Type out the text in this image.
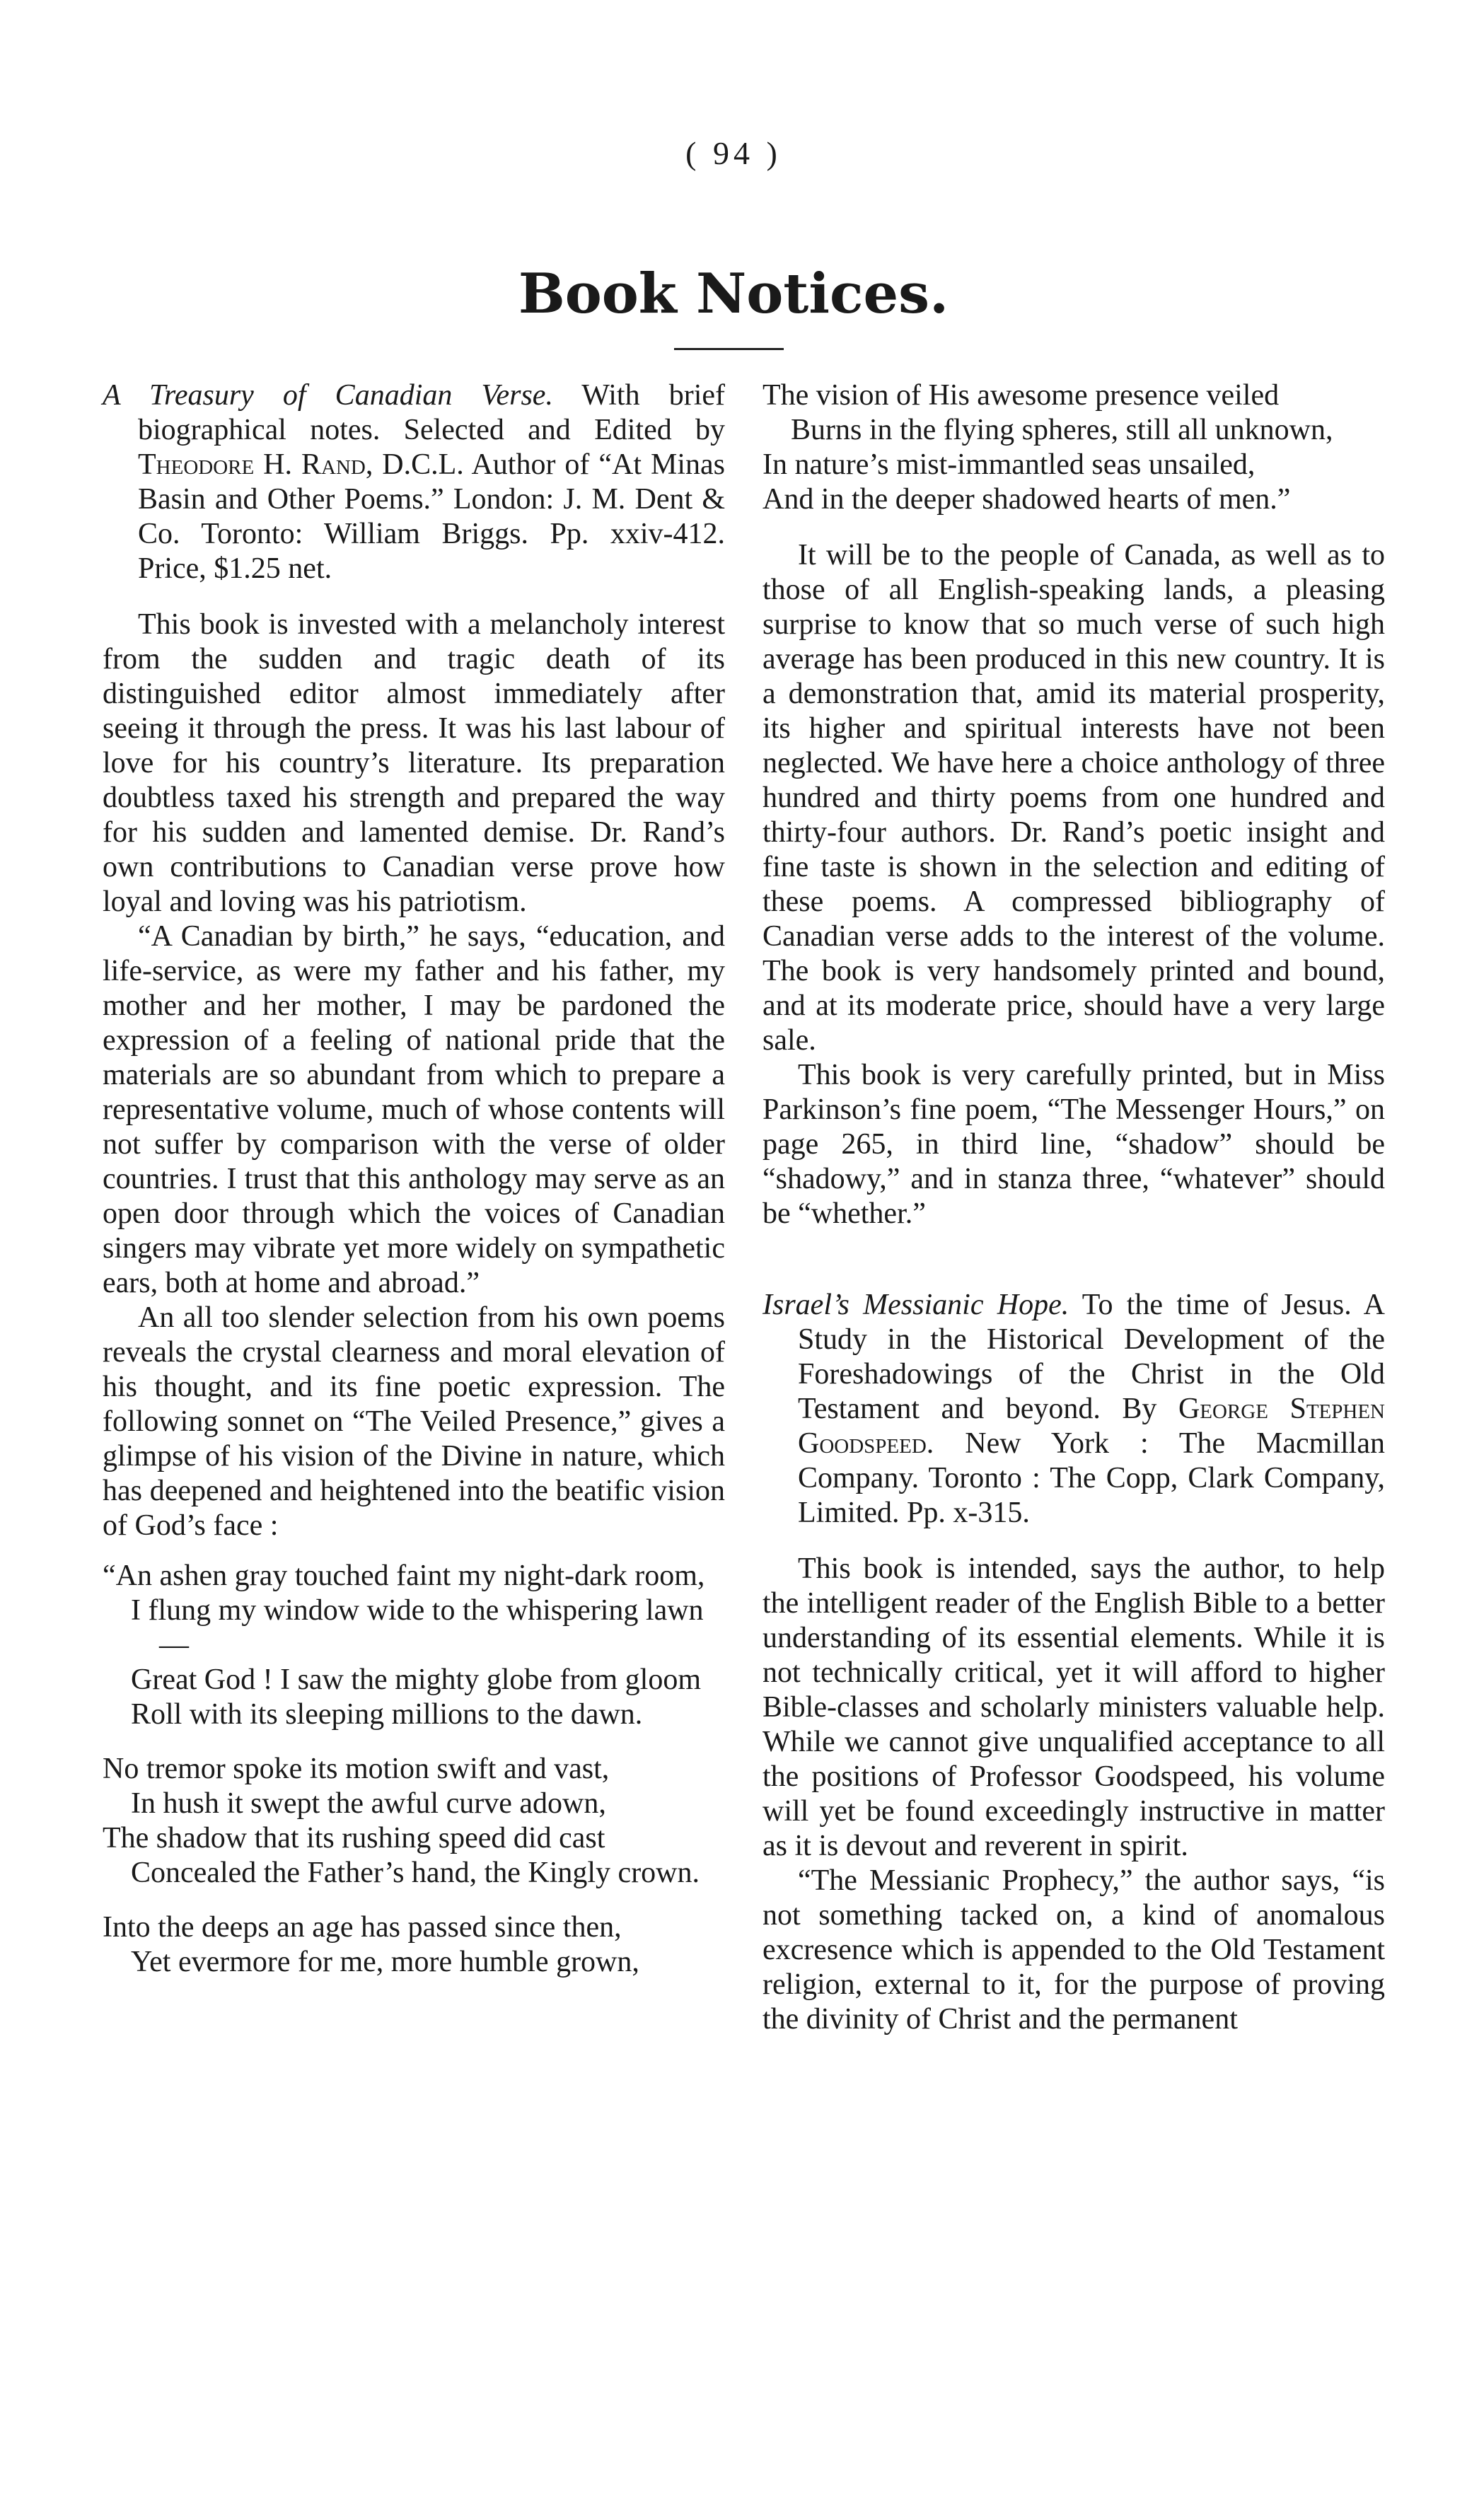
( 94 )
Book Notices.

A Treasury of Canadian Verse. With brief biographical notes. Selected and Edited by Theodore H. Rand, D.C.L. Author of “At Minas Basin and Other Poems.” London: J. M. Dent & Co. Toronto: William Briggs. Pp. xxiv-412. Price, $1.25 net.

This book is invested with a melancholy interest from the sudden and tragic death of its distinguished editor almost immediately after seeing it through the press. It was his last labour of love for his country’s literature. Its preparation doubtless taxed his strength and prepared the way for his sudden and lamented demise. Dr. Rand’s own contributions to Canadian verse prove how loyal and loving was his patriotism.

“A Canadian by birth,” he says, “education, and life-service, as were my father and his father, my mother and her mother, I may be pardoned the expression of a feeling of national pride that the materials are so abundant from which to prepare a representative volume, much of whose contents will not suffer by comparison with the verse of older countries. I trust that this anthology may serve as an open door through which the voices of Canadian singers may vibrate yet more widely on sympathetic ears, both at home and abroad.”

An all too slender selection from his own poems reveals the crystal clearness and moral elevation of his thought, and its fine poetic expression. The following sonnet on “The Veiled Presence,” gives a glimpse of his vision of the Divine in nature, which has deepened and heightened into the beatific vision of God’s face :

“An ashen gray touched faint my night-dark room,
I flung my window wide to the whispering lawn—
Great God ! I saw the mighty globe from gloom
Roll with its sleeping millions to the dawn.
No tremor spoke its motion swift and vast,
In hush it swept the awful curve adown,
The shadow that its rushing speed did cast
Concealed the Father’s hand, the Kingly crown.
Into the deeps an age has passed since then,
Yet evermore for me, more humble grown,
The vision of His awesome presence veiled
Burns in the flying spheres, still all unknown,
In nature’s mist-immantled seas unsailed,
And in the deeper shadowed hearts of men.”

It will be to the people of Canada, as well as to those of all English-speaking lands, a pleasing surprise to know that so much verse of such high average has been produced in this new country. It is a demonstration that, amid its material prosperity, its higher and spiritual interests have not been neglected. We have here a choice anthology of three hundred and thirty poems from one hundred and thirty-four authors. Dr. Rand’s poetic insight and fine taste is shown in the selection and editing of these poems. A compressed bibliography of Canadian verse adds to the interest of the volume. The book is very handsomely printed and bound, and at its moderate price, should have a very large sale.

This book is very carefully printed, but in Miss Parkinson’s fine poem, “The Messenger Hours,” on page 265, in third line, “shadow” should be “shadowy,” and in stanza three, “whatever” should be “whether.”

Israel’s Messianic Hope. To the time of Jesus. A Study in the Historical Development of the Foreshadowings of the Christ in the Old Testament and beyond. By George Stephen Goodspeed. New York : The Macmillan Company. Toronto : The Copp, Clark Company, Limited. Pp. x-315.

This book is intended, says the author, to help the intelligent reader of the English Bible to a better understanding of its essential elements. While it is not technically critical, yet it will afford to higher Bible-classes and scholarly ministers valuable help. While we cannot give unqualified acceptance to all the positions of Professor Goodspeed, his volume will yet be found exceedingly instructive in matter as it is devout and reverent in spirit.

“The Messianic Prophecy,” the author says, “is not something tacked on, a kind of anomalous excresence which is appended to the Old Testament religion, external to it, for the purpose of proving the divinity of Christ and the permanent
